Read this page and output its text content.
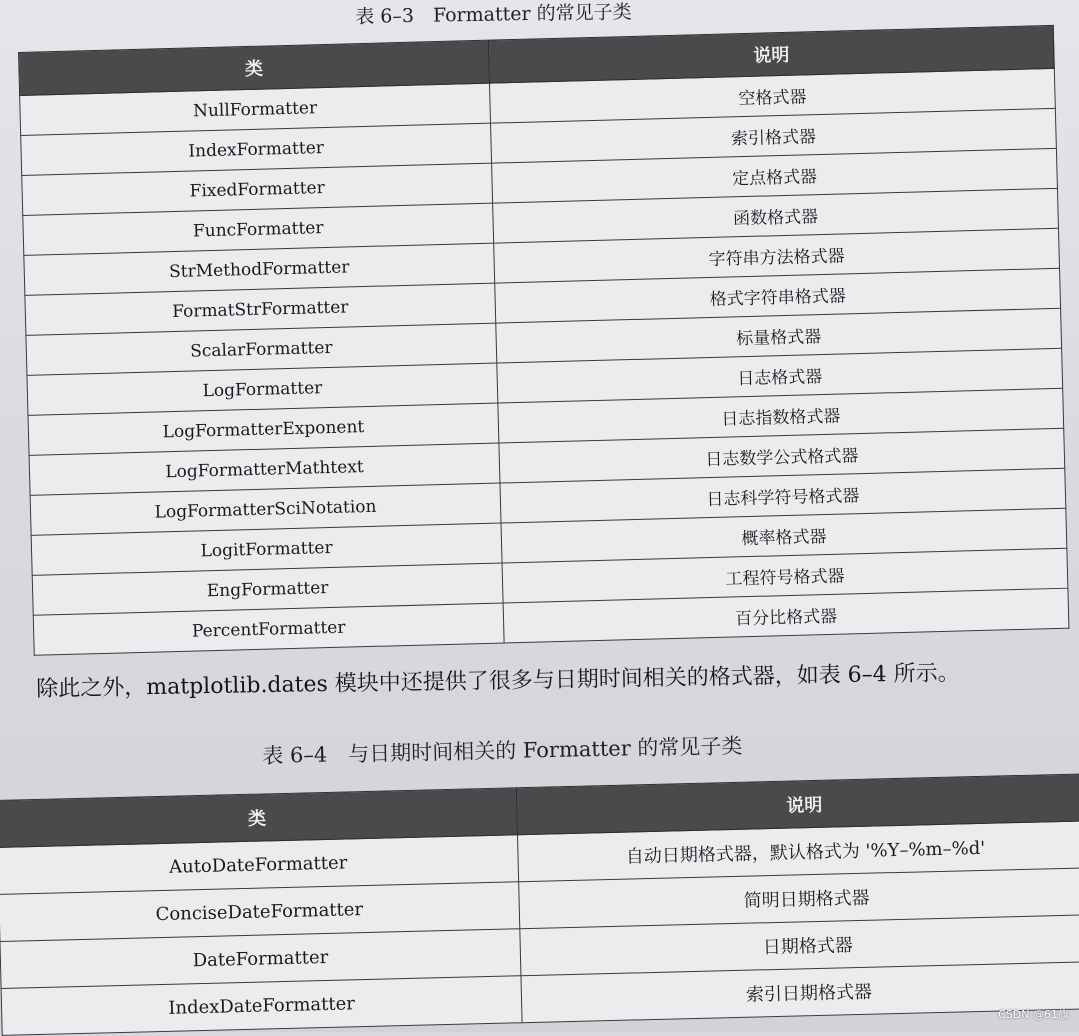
表 6–3　Formatter 的常见子类
类	说明
NullFormatter	空格式器
IndexFormatter	索引格式器
FixedFormatter	定点格式器
FuncFormatter	函数格式器
StrMethodFormatter	字符串方法格式器
FormatStrFormatter	格式字符串格式器
ScalarFormatter	标量格式器
LogFormatter	日志格式器
LogFormatterExponent	日志指数格式器
LogFormatterMathtext	日志数学公式格式器
LogFormatterSciNotation	日志科学符号格式器
LogitFormatter	概率格式器
EngFormatter	工程符号格式器
PercentFormatter	百分比格式器
除此之外，matplotlib.dates 模块中还提供了很多与日期时间相关的格式器，如表 6–4 所示。
表 6–4　与日期时间相关的 Formatter 的常见子类
类	说明
AutoDateFormatter	自动日期格式器，默认格式为 '%Y–%m–%d'
ConciseDateFormatter	简明日期格式器
DateFormatter	日期格式器
IndexDateFormatter	索引日期格式器
CSDN @61旗
